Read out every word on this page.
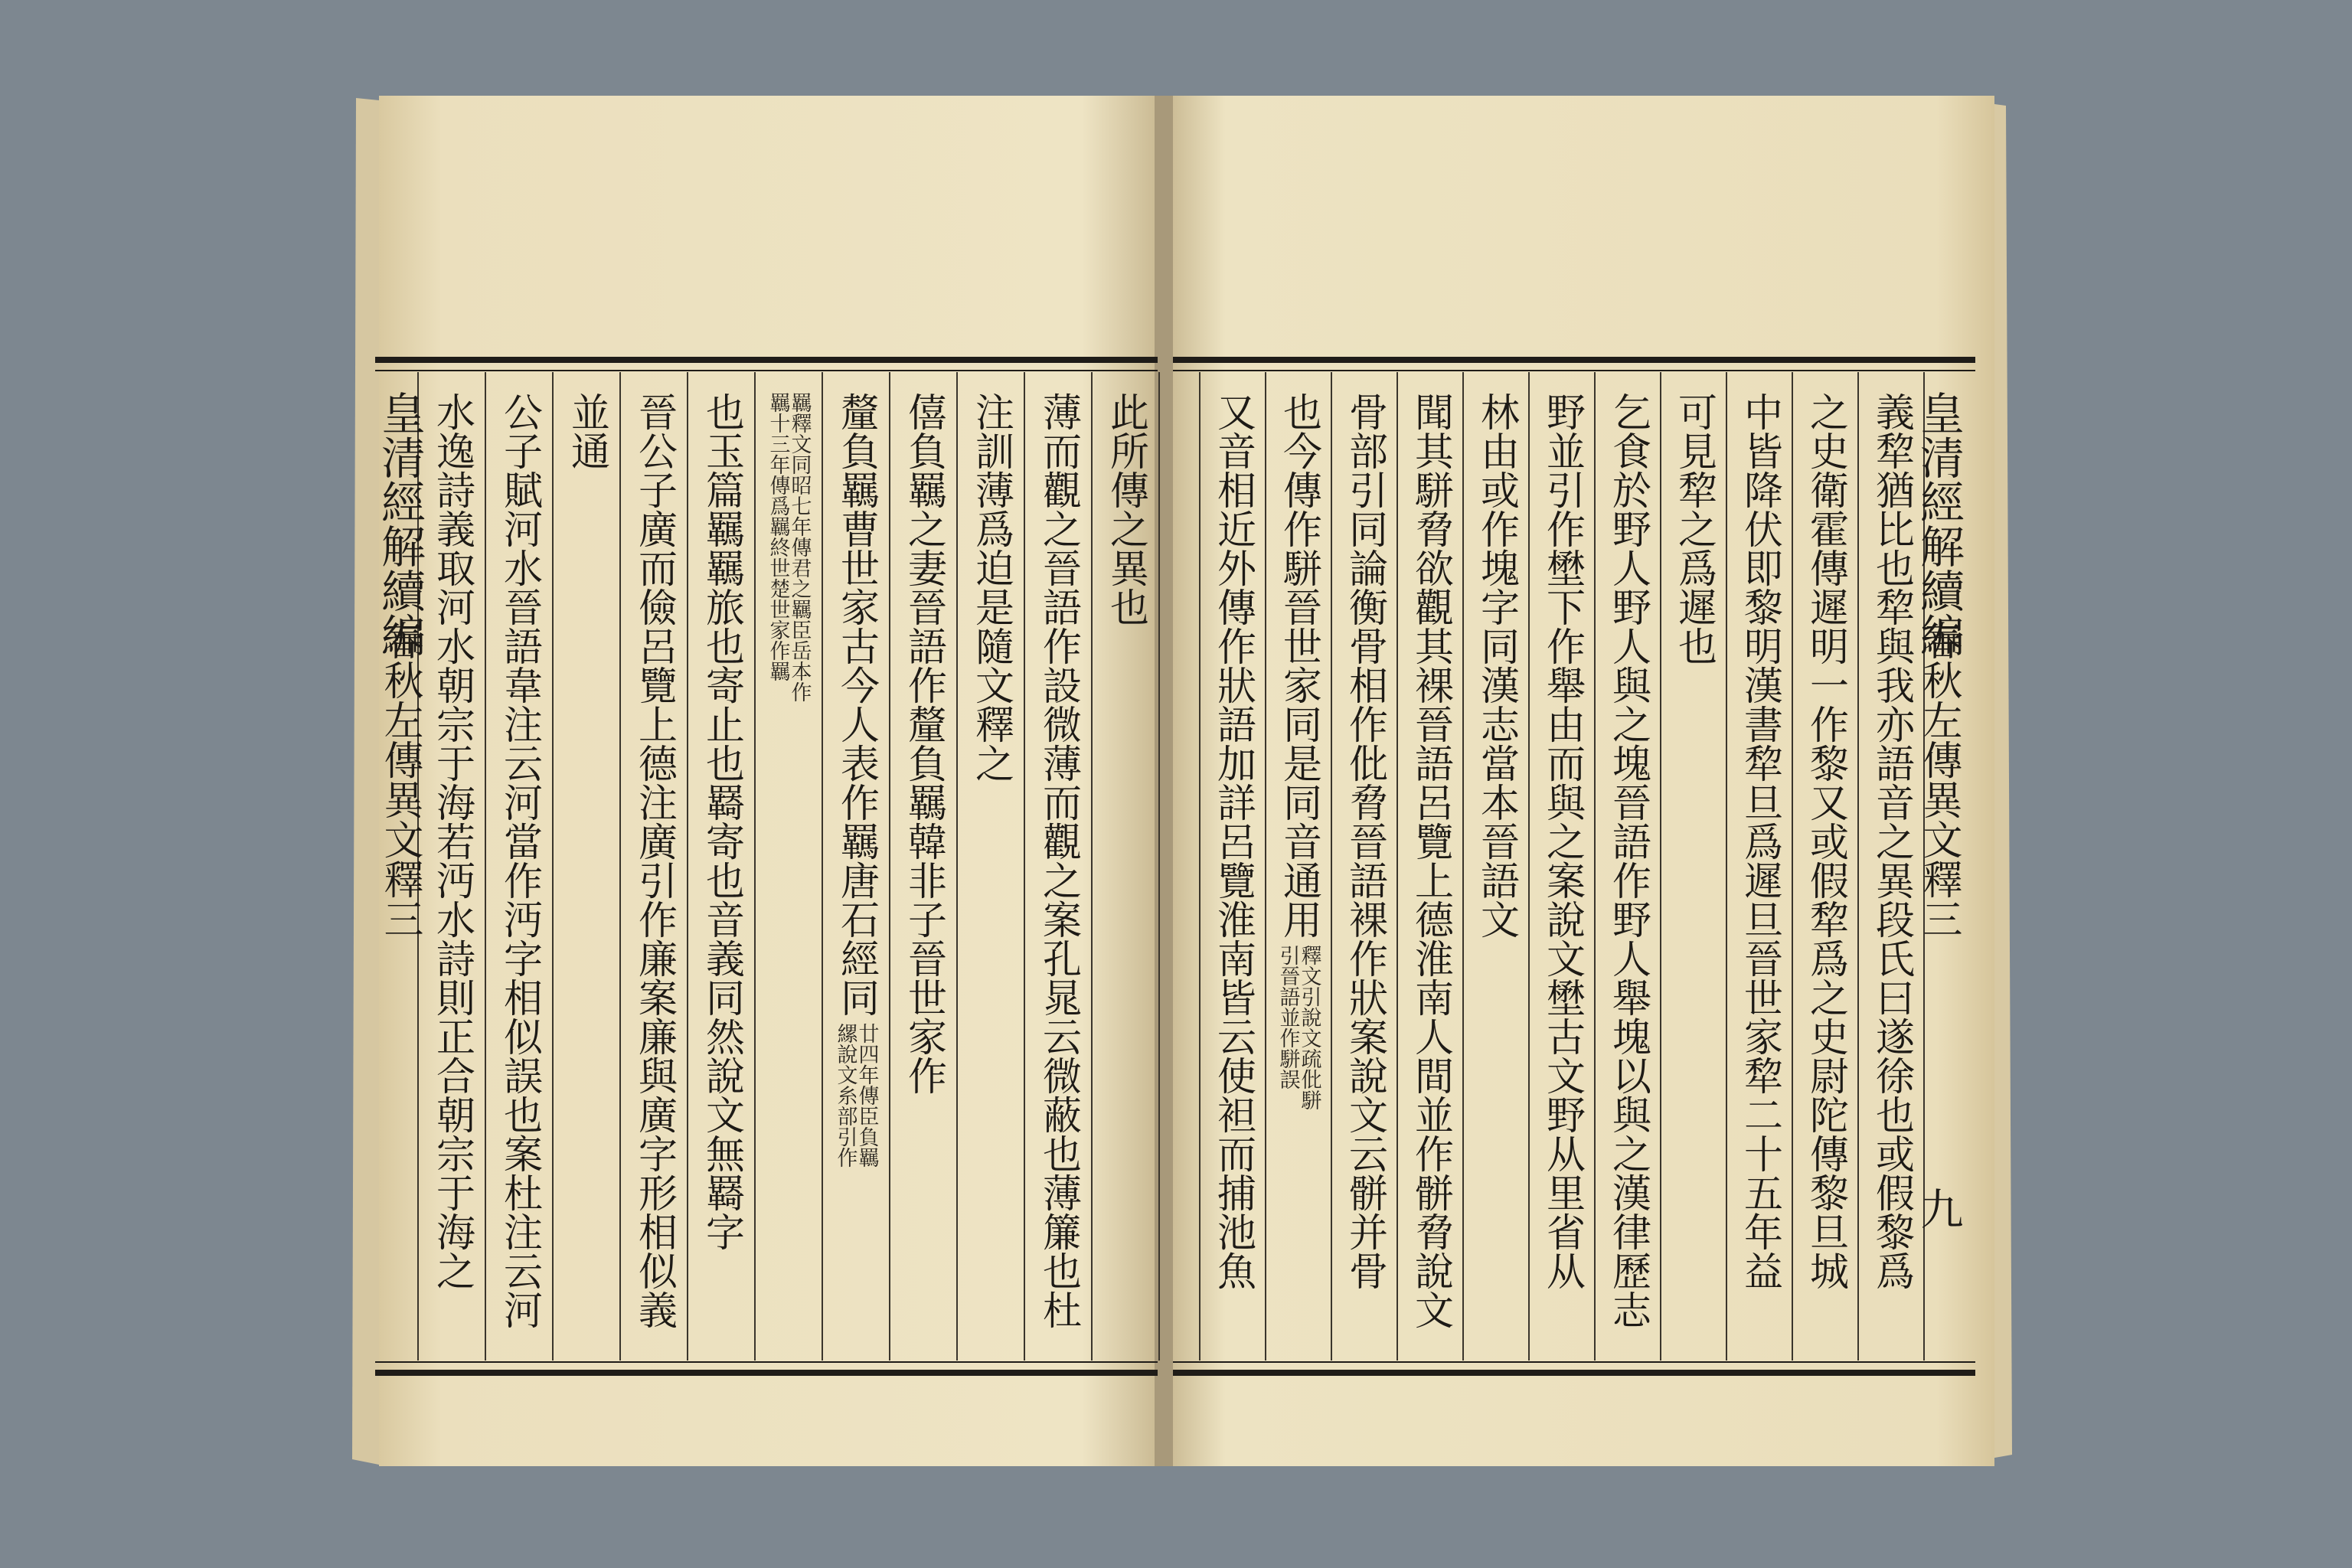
皇清經解續編
春秋左傳異文釋三
此所傳之異也
薄而觀之晉語作設微薄而觀之案孔晁云微蔽也薄簾也杜
注訓薄爲迫是隨文釋之
僖負羈之妻晉語作釐負羈韓非子晉世家作
釐負羈曹世家古今人表作羈唐石經同
廿四年傳臣負羈
縲說文糸部引作
羈釋文同昭七年傳君之羈臣岳本作
羈十三年傳爲羈終世楚世家作羈
也玉篇羈羈旅也寄止也羇寄也音義同然說文無羇字
晉公子廣而儉呂覽上德注廣引作廉案廉與廣字形相似義
並通
公子賦河水晉語韋注云河當作沔字相似誤也案杜注云河
水逸詩義取河水朝宗于海若沔水詩則正合朝宗于海之	皇清經解續編
春秋左傳異文釋三
九
義犂猶比也犂與我亦語音之異段氏曰遂徐也或假黎爲
之史衛霍傳遲明一作黎又或假犂爲之史尉陀傳黎旦城
中皆降伏即黎明漢書犂旦爲遲旦晉世家犂二十五年益
可見犂之爲遲也
乞食於野人野人與之塊晉語作野人舉塊以與之漢律歷志
野並引作壄下作舉由而與之案說文壄古文野从里省从
林由或作塊字同漢志當本晉語文
聞其駢脅欲觀其裸晉語呂覽上德淮南人間並作骿脅說文
骨部引同論衡骨相作仳脅晉語裸作狀案說文云骿并骨
也今傳作駢晉世家同是同音通用
釋文引說文疏仳駢
引晉語並作駢誤
又音相近外傳作狀語加詳呂覽淮南皆云使袒而捕池魚
